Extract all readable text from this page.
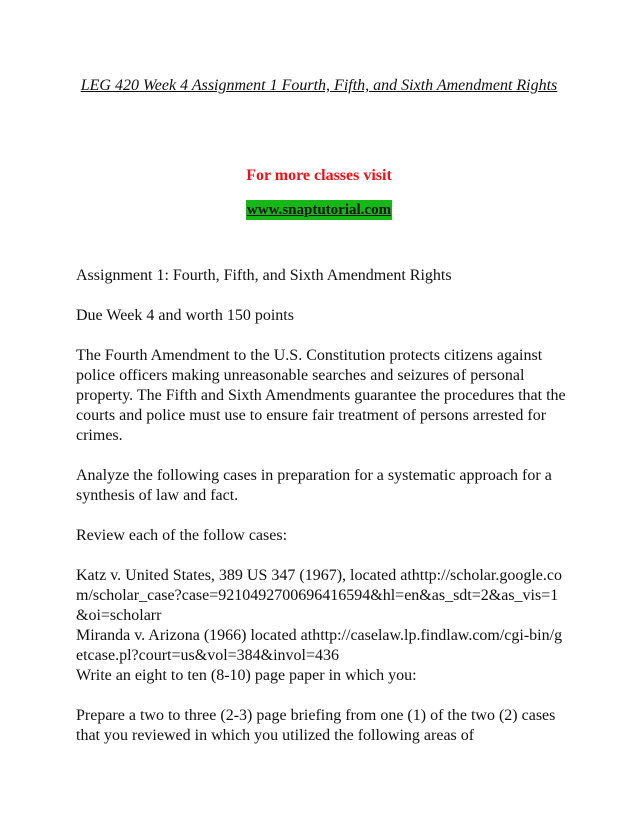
LEG 420 Week 4 Assignment 1 Fourth, Fifth, and Sixth Amendment Rights
For more classes visit
www.snaptutorial.com

Assignment 1: Fourth, Fifth, and Sixth Amendment Rights

Due Week 4 and worth 150 points

The Fourth Amendment to the U.S. Constitution protects citizens against police officers making unreasonable searches and seizures of personal property. The Fifth and Sixth Amendments guarantee the procedures that the courts and police must use to ensure fair treatment of persons arrested for crimes.

Analyze the following cases in preparation for a systematic approach for a synthesis of law and fact.

Review each of the follow cases:

Katz v. United States, 389 US 347 (1967), located athttp://scholar.google.com/scholar_case?case=9210492700696416594&hl=en&as_sdt=2&as_vis=1&oi=scholarr

Miranda v. Arizona (1966) located athttp://caselaw.lp.findlaw.com/cgi-bin/getcase.pl?court=us&vol=384&invol=436

Write an eight to ten (8-10) page paper in which you:

Prepare a two to three (2-3) page briefing from one (1) of the two (2) cases that you reviewed in which you utilized the following areas of
